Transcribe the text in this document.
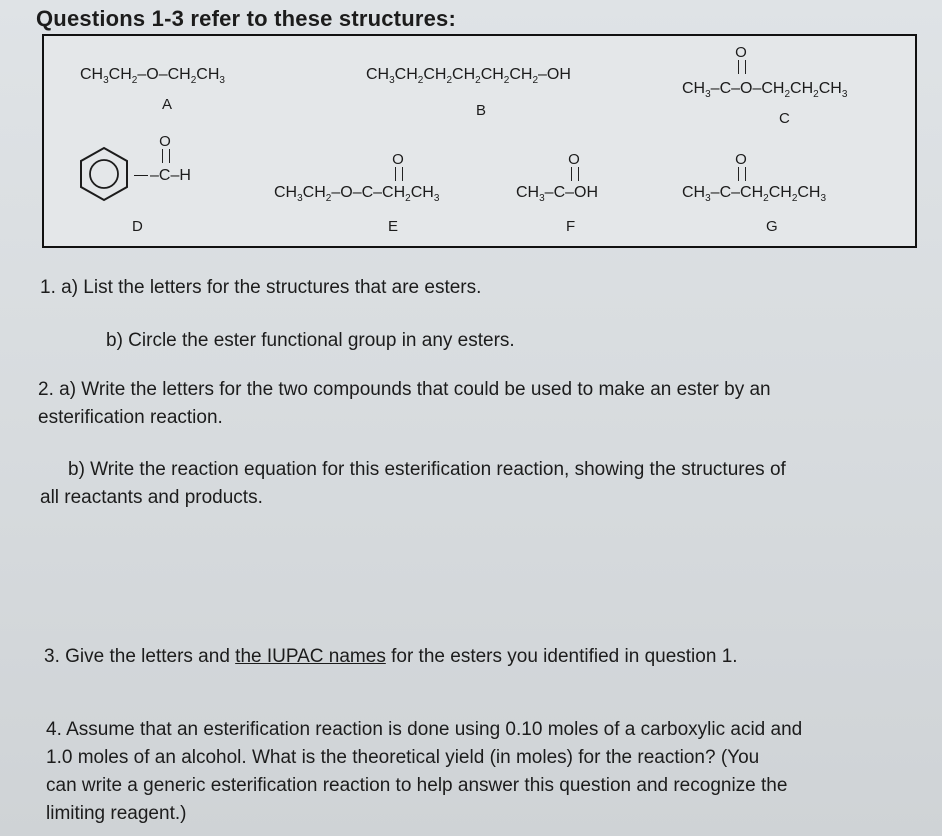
Questions 1-3 refer to these structures:
$CH_3CH_2-O-CH_2CH_3$
A
$CH_3CH_2CH_2CH_2CH_2CH_2-OH$
B
O
$CH_3-C-O-CH_2CH_2CH_3$
C
O
–C–H
D
O
$CH_3CH_2-O-C-CH_2CH_3$
E
O
$CH_3-C-OH$
F
O
$CH_3-C-CH_2CH_2CH_3$
G
1. a) List the letters for the structures that are esters.
b) Circle the ester functional group in any esters.
2. a) Write the letters for the two compounds that could be used to make an ester by an
esterification reaction.
b) Write the reaction equation for this esterification reaction, showing the structures of
all reactants and products.
3. Give the letters and the IUPAC names for the esters you identified in question 1.
4. Assume that an esterification reaction is done using 0.10 moles of a carboxylic acid and
1.0 moles of an alcohol. What is the theoretical yield (in moles) for the reaction? (You
can write a generic esterification reaction to help answer this question and recognize the
limiting reagent.)
